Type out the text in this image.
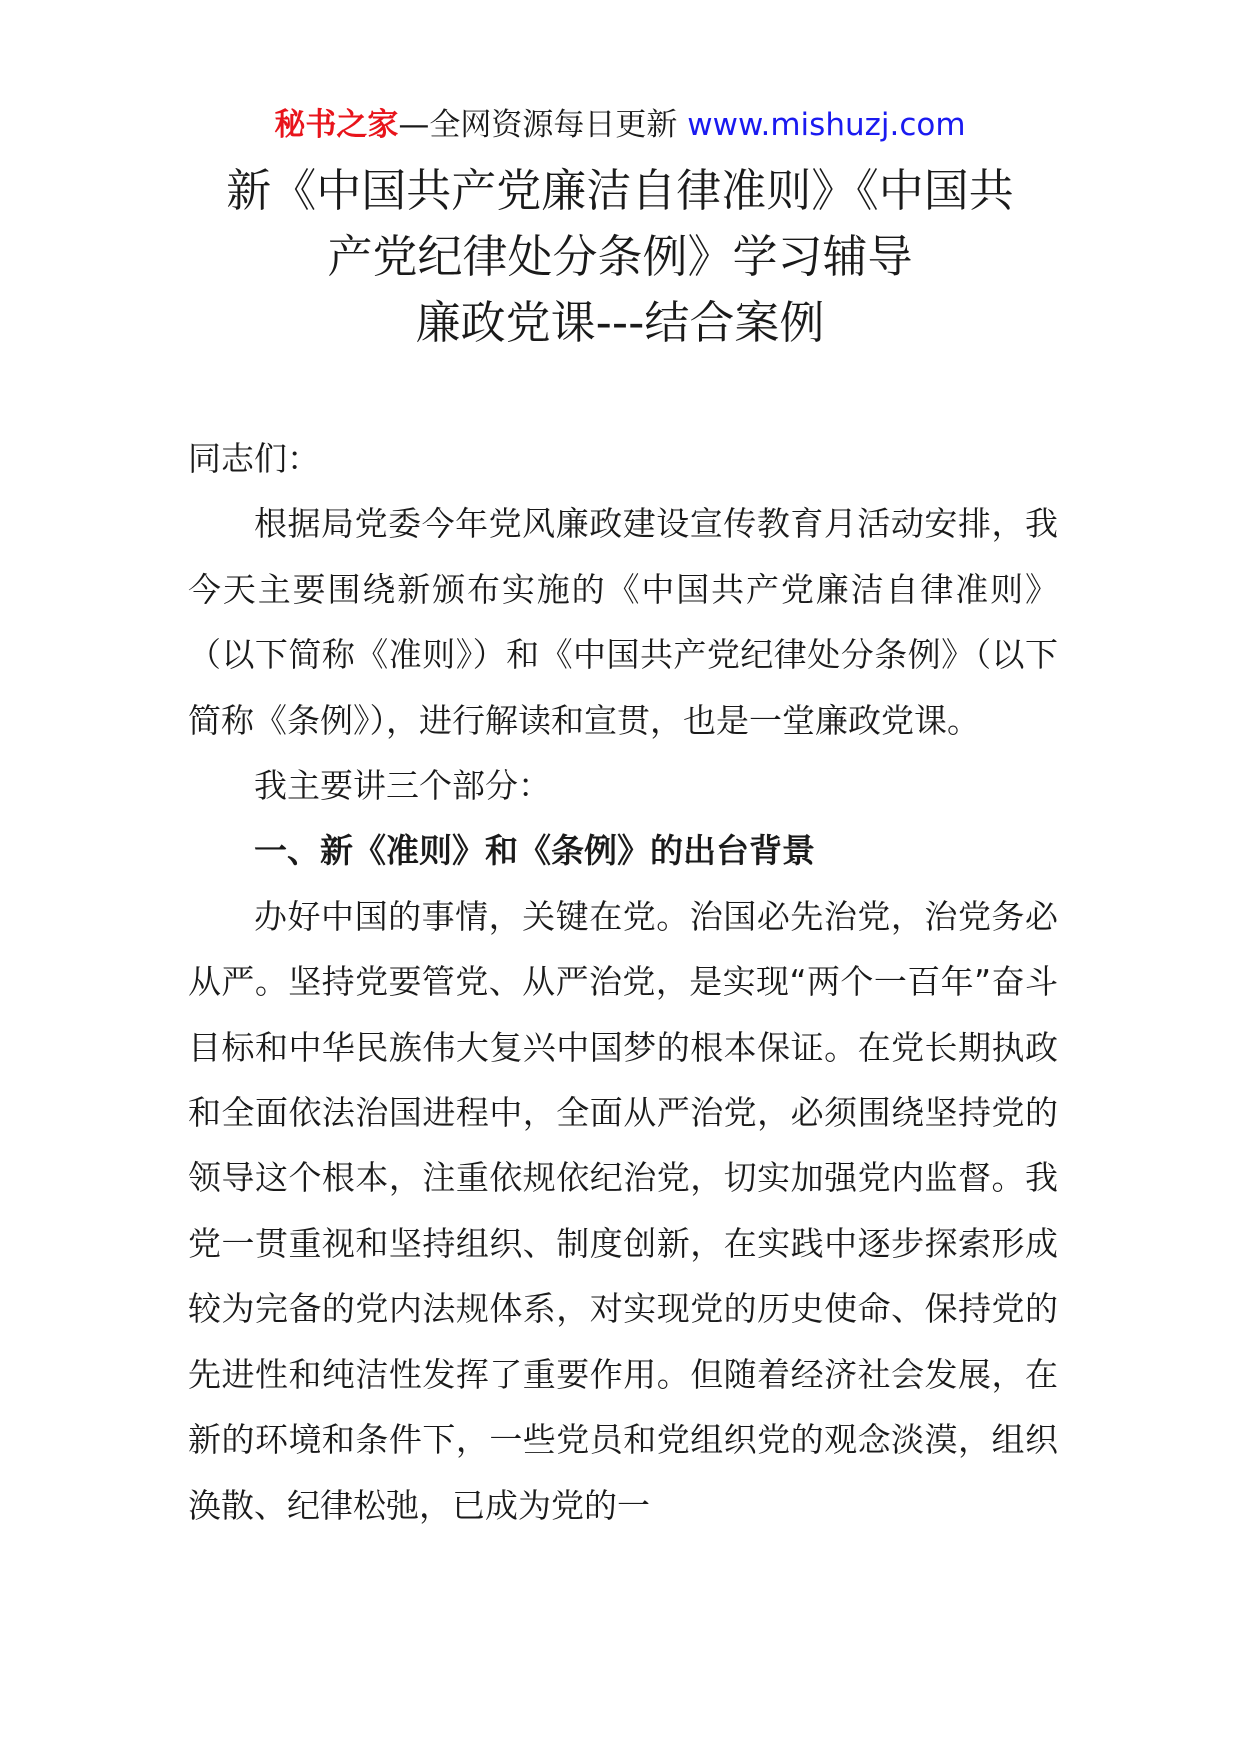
秘书之家—全网资源每日更新 www.mishuzj.com
新《中国共产党廉洁自律准则》《中国共
产党纪律处分条例》学习辅导
廉政党课---结合案例

同志们：

根据局党委今年党风廉政建设宣传教育月活动安排，我今天主要围绕新颁布实施的《中国共产党廉洁自律准则》（以下简称《准则》）和《中国共产党纪律处分条例》（以下简称《条例》），进行解读和宣贯，也是一堂廉政党课。

我主要讲三个部分：

一、新《准则》和《条例》的出台背景

办好中国的事情，关键在党。治国必先治党，治党务必从严。坚持党要管党、从严治党，是实现“两个一百年”奋斗目标和中华民族伟大复兴中国梦的根本保证。在党长期执政和全面依法治国进程中，全面从严治党，必须围绕坚持党的领导这个根本，注重依规依纪治党，切实加强党内监督。我党一贯重视和坚持组织、制度创新，在实践中逐步探索形成较为完备的党内法规体系，对实现党的历史使命、保持党的先进性和纯洁性发挥了重要作用。但随着经济社会发展，在新的环境和条件下，一些党员和党组织党的观念淡漠，组织涣散、纪律松弛，已成为党的一
